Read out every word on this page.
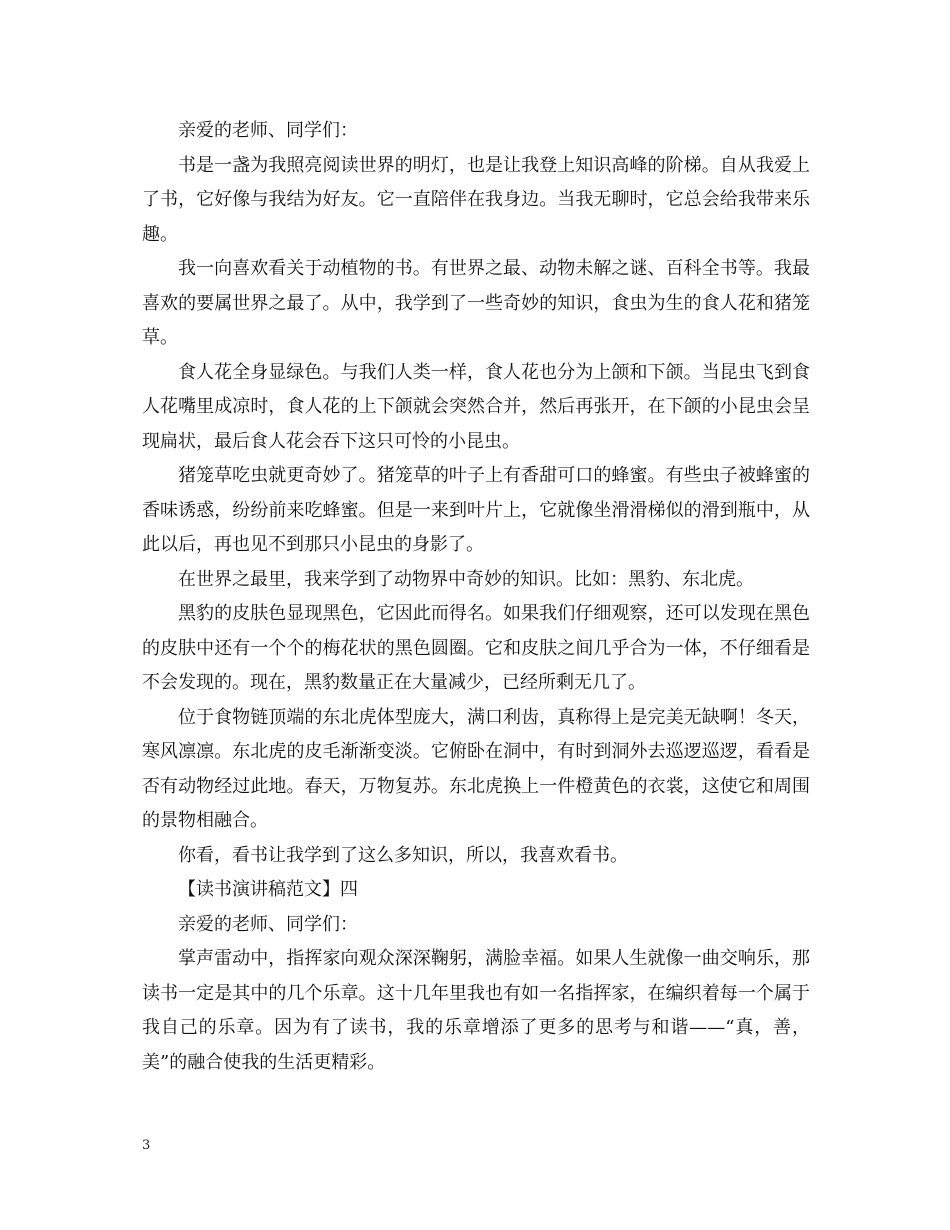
亲爱的老师、同学们：

书是一盏为我照亮阅读世界的明灯，也是让我登上知识高峰的阶梯。自从我爱上了书，它好像与我结为好友。它一直陪伴在我身边。当我无聊时，它总会给我带来乐趣。

我一向喜欢看关于动植物的书。有世界之最、动物未解之谜、百科全书等。我最喜欢的要属世界之最了。从中，我学到了一些奇妙的知识，食虫为生的食人花和猪笼草。

食人花全身显绿色。与我们人类一样，食人花也分为上颌和下颌。当昆虫飞到食人花嘴里成凉时，食人花的上下颌就会突然合并，然后再张开，在下颌的小昆虫会呈现扁状，最后食人花会吞下这只可怜的小昆虫。

猪笼草吃虫就更奇妙了。猪笼草的叶子上有香甜可口的蜂蜜。有些虫子被蜂蜜的香味诱惑，纷纷前来吃蜂蜜。但是一来到叶片上，它就像坐滑滑梯似的滑到瓶中，从此以后，再也见不到那只小昆虫的身影了。

在世界之最里，我来学到了动物界中奇妙的知识。比如：黑豹、东北虎。

黑豹的皮肤色显现黑色，它因此而得名。如果我们仔细观察，还可以发现在黑色的皮肤中还有一个个的梅花状的黑色圆圈。它和皮肤之间几乎合为一体，不仔细看是不会发现的。现在，黑豹数量正在大量减少，已经所剩无几了。

位于食物链顶端的东北虎体型庞大，满口利齿，真称得上是完美无缺啊！冬天，寒风凛凛。东北虎的皮毛渐渐变淡。它俯卧在洞中，有时到洞外去巡逻巡逻，看看是否有动物经过此地。春天，万物复苏。东北虎换上一件橙黄色的衣裳，这使它和周围的景物相融合。

你看，看书让我学到了这么多知识，所以，我喜欢看书。

【读书演讲稿范文】四

亲爱的老师、同学们：

掌声雷动中，指挥家向观众深深鞠躬，满脸幸福。如果人生就像一曲交响乐，那读书一定是其中的几个乐章。这十几年里我也有如一名指挥家，在编织着每一个属于我自己的乐章。因为有了读书，我的乐章增添了更多的思考与和谐——“真，善，美”的融合使我的生活更精彩。

3
